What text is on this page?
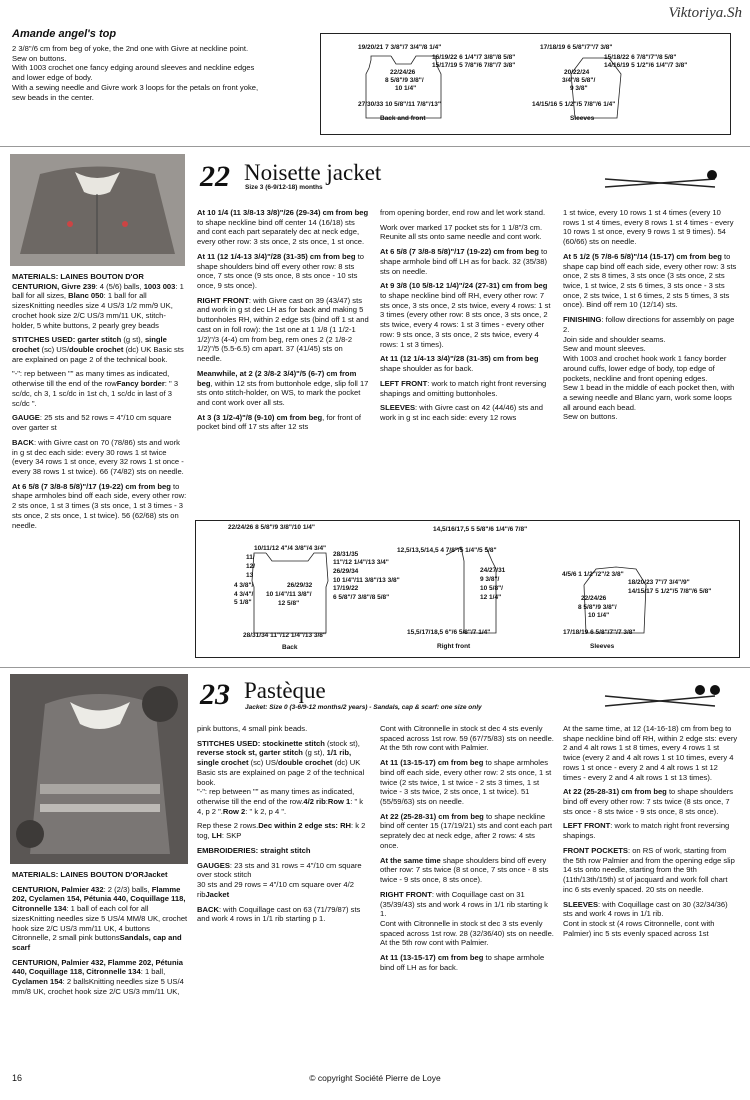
Viktoriya.Sh
Amande angel's top
2 3/8"/6 cm from beg of yoke, the 2nd one with Givre at neckline point.
Sew on buttons.
With 1003 crochet one fancy edging around sleeves and neckline edges
and lower edge of body.
With a sewing needle and Givre work 3 loops for the petals on front yoke,
sew beads in the center.
19/20/21 7 3/8"/7 3/4"/8 1/4"
16/19/22 6 1/4"/7 3/8"/8 5/8"
15/17/19 5 7/8"/6 7/8"/7 3/8"
22/24/26
8 5/8"/9 3/8"/
10 1/4"
27/30/33 10 5/8"/11 7/8"/13"
Back and front
17/18/19 6 5/8"/7"/7 3/8"
15/18/22 6 7/8"/7"/8 5/8"
14/16/19 5 1/2"/6 1/4"/7 3/8"
20/22/24
3/4"/8 5/8"/
9 3/8"
14/15/16 5 1/2"/5 7/8"/6 1/4"
Sleeves
22 Noisette jacket
Size 3 (6-9/12-18) months
MATERIALS: LAINES BOUTON D'OR CENTURION, Givre 239: 4 (5/6) balls, 1003 003: 1 ball for all sizes, Blanc 050: 1 ball for all sizesKnitting needles size 4 US/3 1/2 mm/9 UK, crochet hook size 2/C US/3 mm/11 UK, stitch-holder, 5 white buttons, 2 pearly grey beads
STITCHES USED: garter stitch (g st), single crochet (sc) US/double crochet (dc) UK Basic sts are explained on page 2 of the technical book.
"-": rep between "" as many times as indicated, otherwise till the end of the rowFancy border: " 3 sc/dc, ch 3, 1 sc/dc in 1st ch, 1 sc/dc in last of 3 sc/dc ".
GAUGE: 25 sts and 52 rows = 4"/10 cm square over garter st
BACK: with Givre cast on 70 (78/86) sts and work in g st dec each side: every 30 rows 1 st twice (every 34 rows 1 st once, every 32 rows 1 st once - every 38 rows 1 st twice). 66 (74/82) sts on needle.
At 6 5/8 (7 3/8-8 5/8)"/17 (19-22) cm from beg to shape armholes bind off each side, every other row: 2 sts once, 1 st 3 times (3 sts once, 1 st 3 times - 3 sts once, 2 sts once, 1 st twice). 56 (62/68) sts on needle.
At 10 1/4 (11 3/8-13 3/8)"/26 (29-34) cm from beg to shape neckline bind off center 14 (16/18) sts and cont each part separately dec at neck edge, every other row: 3 sts once, 2 sts once, 1 st once.
At 11 (12 1/4-13 3/4)"/28 (31-35) cm from beg to shape shoulders bind off every other row: 8 sts once, 7 sts once (9 sts once, 8 sts once - 10 sts once, 9 sts once).
RIGHT FRONT: with Givre cast on 39 (43/47) sts and work in g st dec LH as for back and making 5 buttonholes RH, within 2 edge sts (bind off 1 st and cast on in foll row): the 1st one at 1 1/8 (1 1/2-1 1/2)"/3 (4-4) cm from beg, rem ones 2 (2 1/8-2 1/2)"/5 (5.5-6.5) cm apart. 37 (41/45) sts on needle.
Meanwhile, at 2 (2 3/8-2 3/4)"/5 (6-7) cm from beg, within 12 sts from buttonhole edge, slip foll 17 sts onto stitch-holder, on WS, to mark the pocket and cont work over all sts.
At 3 (3 1/2-4)"/8 (9-10) cm from beg, for front of pocket bind off 17 sts after 12 sts
from opening border, end row and let work stand.
Work over marked 17 pocket sts for 1 1/8"/3 cm. Reunite all sts onto same needle and cont work.
At 6 5/8 (7 3/8-8 5/8)"/17 (19-22) cm from beg to shape armhole bind off LH as for back. 32 (35/38) sts on needle.
At 9 3/8 (10 5/8-12 1/4)"/24 (27-31) cm from beg to shape neckline bind off RH, every other row: 7 sts once, 3 sts once, 2 sts twice, every 4 rows: 1 st 3 times (every other row: 8 sts once, 3 sts once, 2 sts twice, every 4 rows: 1 st 3 times - every other row: 9 sts once, 3 sts once, 2 sts twice, every 4 rows: 1 st 3 times).
At 11 (12 1/4-13 3/4)"/28 (31-35) cm from beg shape shoulder as for back.
LEFT FRONT: work to match right front reversing shapings and omitting buttonholes.
SLEEVES: with Givre cast on 42 (44/46) sts and work in g st inc each side: every 12 rows
1 st twice, every 10 rows 1 st 4 times (every 10 rows 1 st 4 times, every 8 rows 1 st 4 times - every 10 rows 1 st once, every 9 rows 1 st 9 times). 54 (60/66) sts on needle.
At 5 1/2 (5 7/8-6 5/8)"/14 (15-17) cm from beg to shape cap bind off each side, every other row: 3 sts once, 2 sts 8 times, 3 sts once (3 sts once, 2 sts twice, 1 st twice, 2 sts 6 times, 3 sts once - 3 sts once, 2 sts twice, 1 st 6 times, 2 sts 5 times, 3 sts once). Bind off rem 10 (12/14) sts.
FINISHING: follow directions for assembly on page 2.
Join side and shoulder seams.
Sew and mount sleeves.
With 1003 and crochet hook work 1 fancy border around cuffs, lower edge of body, top edge of pockets, neckline and front opening edges.
Sew 1 bead in the middle of each pocket then, with a sewing needle and Blanc yarn, work some loops all around each bead.
Sew on buttons.
22/24/26 8 5/8"/9 3/8"/10 1/4"
10/11/12 4"/4 3/8"/4 3/4"
11/
12/
13
4 3/8"/
4 3/4"/
5 1/8"
26/29/32
10 1/4"/11 3/8"/
12 5/8"
28/31/35
11"/12 1/4"/13 3/4"
26/29/34
10 1/4"/11 3/8"/13 3/8"
17/19/22
6 5/8"/7 3/8"/8 5/8"
28/31/34 11"/12 1/4"/13 3/8"
Back
14,5/16/17,5 5 5/8"/6 1/4"/6 7/8"
12,5/13,5/14,5 4 7/8"/5 1/4"/5 5/8"
24/27/31
9 3/8"/
10 5/8"/
12 1/4"
15,5/17/18,5 6"/6 5/8"/7 1/4"
Right front
4/5/6 1 1/2"/2"/2 3/8"
18/20/23 7"/7 3/4"/9"
14/15/17 5 1/2"/5 7/8"/6 5/8"
22/24/26
8 5/8"/9 3/8"/
10 1/4"
17/18/19 6 5/8"/7"/7 3/8"
Sleeves
23 Pastèque
Jacket: Size 0 (3-6/9-12 months/2 years) - Sandals, cap & scarf: one size only
MATERIALS: LAINES BOUTON D'ORJacket
CENTURION, Palmier 432: 2 (2/3) balls, Flamme 202, Cyclamen 154, Pétunia 440, Coquillage 118, Citronnelle 134: 1 ball of each col for all sizesKnitting needles size 5 US/4 MM/8 UK, crochet hook size 2/C US/3 mm/11 UK, 4 buttons Citronnelle, 2 small pink buttonsSandals, cap and scarf
CENTURION, Palmier 432, Flamme 202, Pétunia 440, Coquillage 118, Citronnelle 134: 1 ball, Cyclamen 154: 2 ballsKnitting needles size 5 US/4 mm/8 UK, crochet hook size 2/C US/3 mm/11 UK,
pink buttons, 4 small pink beads.
STITCHES USED: stockinette stitch (stock st), reverse stock st, garter stitch (g st), 1/1 rib, single crochet (sc) US/double crochet (dc) UK
Basic sts are explained on page 2 of the technical book.
"-": rep between "" as many times as indicated, otherwise till the end of the row.4/2 rib:Row 1: " k 4, p 2 ".Row 2: " k 2, p 4 ".
Rep these 2 rows.Dec within 2 edge sts: RH: k 2 tog, LH: SKP
EMBROIDERIES: straight stitch
GAUGES: 23 sts and 31 rows = 4"/10 cm square over stock stitch
30 sts and 29 rows = 4"/10 cm square over 4/2 ribJacket
BACK: with Coquillage cast on 63 (71/79/87) sts and work 4 rows in 1/1 rib starting p 1.
Cont with Citronnelle in stock st dec 4 sts evenly spaced across 1st row. 59 (67/75/83) sts on needle.
At the 5th row cont with Palmier.
At 11 (13-15-17) cm from beg to shape armholes bind off each side, every other row: 2 sts once, 1 st twice (2 sts twice, 1 st twice - 2 sts 3 times, 1 st twice - 3 sts twice, 2 sts once, 1 st twice). 51 (55/59/63) sts on needle.
At 22 (25-28-31) cm from beg to shape neckline bind off center 15 (17/19/21) sts and cont each part seprately dec at neck edge, after 2 rows: 4 sts once.
At the same time shape shoulders bind off every other row: 7 sts twice (8 st once, 7 sts once - 8 sts twice - 9 sts once, 8 sts once).
RIGHT FRONT: with Coquillage cast on 31 (35/39/43) sts and work 4 rows in 1/1 rib starting k 1.
Cont with Citronnelle in stock st dec 3 sts evenly spaced across 1st row. 28 (32/36/40) sts on needle.
At the 5th row cont with Palmier.
At 11 (13-15-17) cm from beg to shape armhole bind off LH as for back.
At the same time, at 12 (14-16-18) cm from beg to shape neckline bind off RH, within 2 edge sts: every 2 and 4 alt rows 1 st 8 times, every 4 rows 1 st twice (every 2 and 4 alt rows 1 st 10 times, every 4 rows 1 st once - every 2 and 4 alt rows 1 st 12 times - every 2 and 4 alt rows 1 st 13 times).
At 22 (25-28-31) cm from beg to shape shoulders bind off every other row: 7 sts twice (8 sts once, 7 sts once - 8 sts twice - 9 sts once, 8 sts once).
LEFT FRONT: work to match right front reversing shapings.
FRONT POCKETS: on RS of work, starting from the 5th row Palmier and from the opening edge slip 14 sts onto needle, starting from the 9th (11th/13th/15th) st of jacquard and work foll chart inc 6 sts evenly spaced. 20 sts on needle.
SLEEVES: with Coquillage cast on 30 (32/34/36) sts and work 4 rows in 1/1 rib.
Cont in stock st (4 rows Citronnelle, cont with Palmier) inc 5 sts evenly spaced across 1st
16	© copyright Société Pierre de Loye
